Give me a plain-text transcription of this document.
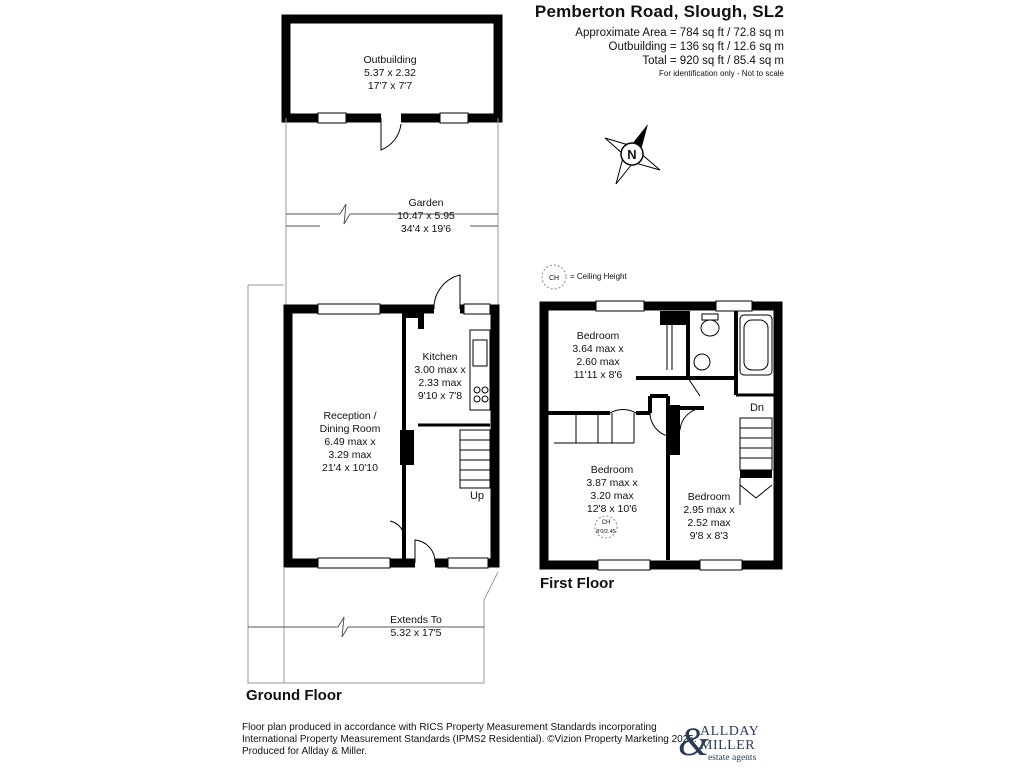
Outbuilding
5.37 x 2.32
17'7 x 7'7
Garden
10.47 x 5.95
34'4 x 19'6
Up
Kitchen
3.00 max x
2.33 max
9'10 x 7'8
Reception /
Dining Room
6.49 max x
3.29 max
21'4 x 10'10
Extends To
5.32 x 17'5
Dn
Bedroom
3.64 max x
2.60 max
11'11 x 8'6
Bedroom
3.87 max x
3.20 max
12'8 x 10'6
CH
8'0/2.45
Bedroom
2.95 max x
2.52 max
9'8 x 8'3
CH = Ceiling Height
N
Pemberton Road, Slough, SL2
Approximate Area = 784 sq ft / 72.8 sq m
Outbuilding = 136 sq ft / 12.6 sq m
Total = 920 sq ft / 85.4 sq m
For identification only - Not to scale
Ground Floor
First Floor
Floor plan produced in accordance with RICS Property Measurement Standards incorporating
International Property Measurement Standards (IPMS2 Residential). ©Vizion Property Marketing 2025.
Produced for Allday & Miller.	&
ALLDAY
MILLER
estate agents
